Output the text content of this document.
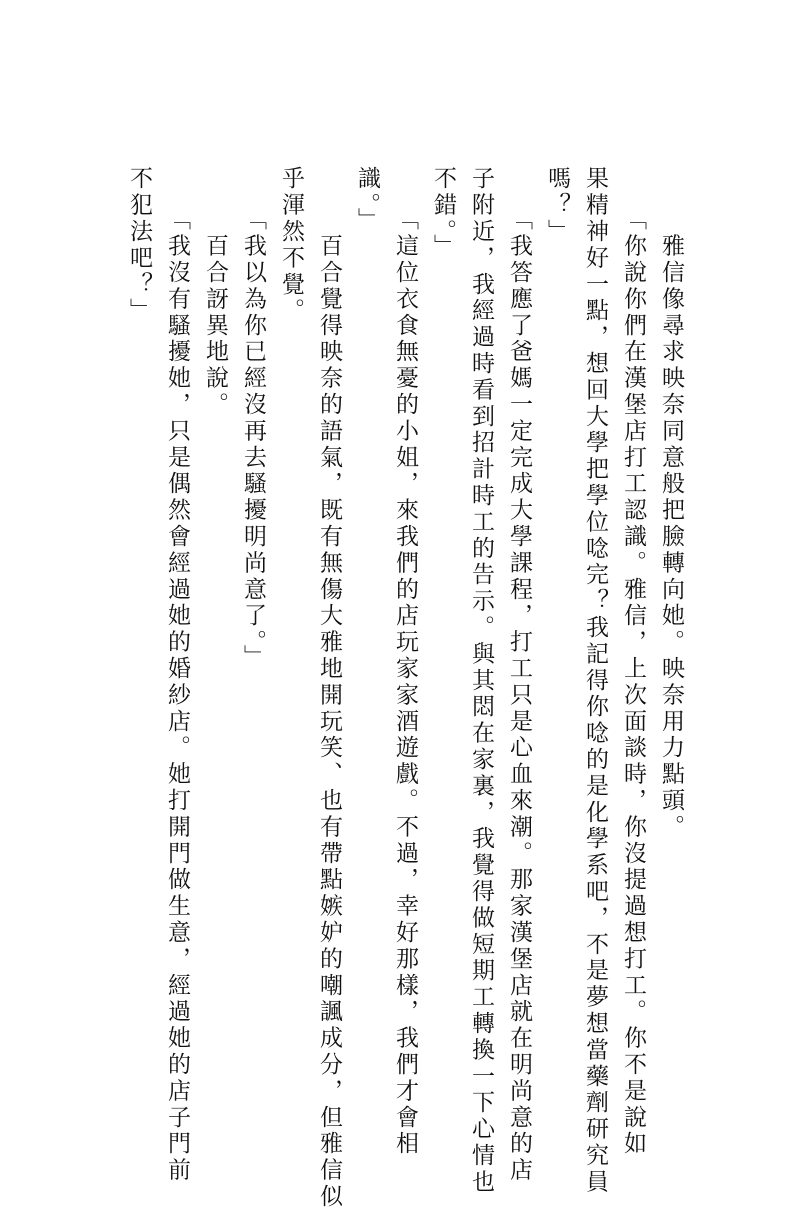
　雅信像尋求映奈同意般把臉轉向她。映奈用力點頭。

「你說你們在漢堡店打工認識。雅信，上次面談時，你沒提過想打工。你不是說如

果精神好一點，想回大學把學位唸完？我記得你唸的是化學系吧，不是夢想當藥劑研究員

嗎？」

「我答應了爸媽一定完成大學課程，打工只是心血來潮。那家漢堡店就在明尚意的店

子附近，我經過時看到招計時工的告示。與其悶在家裏，我覺得做短期工轉換一下心情也

不錯。」

「這位衣食無憂的小姐，來我們的店玩家家酒遊戲。不過，幸好那樣，我們才會相

識。」

　百合覺得映奈的語氣，既有無傷大雅地開玩笑、也有帶點嫉妒的嘲諷成分，但雅信似

乎渾然不覺。

「我以為你已經沒再去騷擾明尚意了。」

　百合訝異地說。

「我沒有騷擾她，只是偶然會經過她的婚紗店。她打開門做生意，經過她的店子門前

不犯法吧？」
